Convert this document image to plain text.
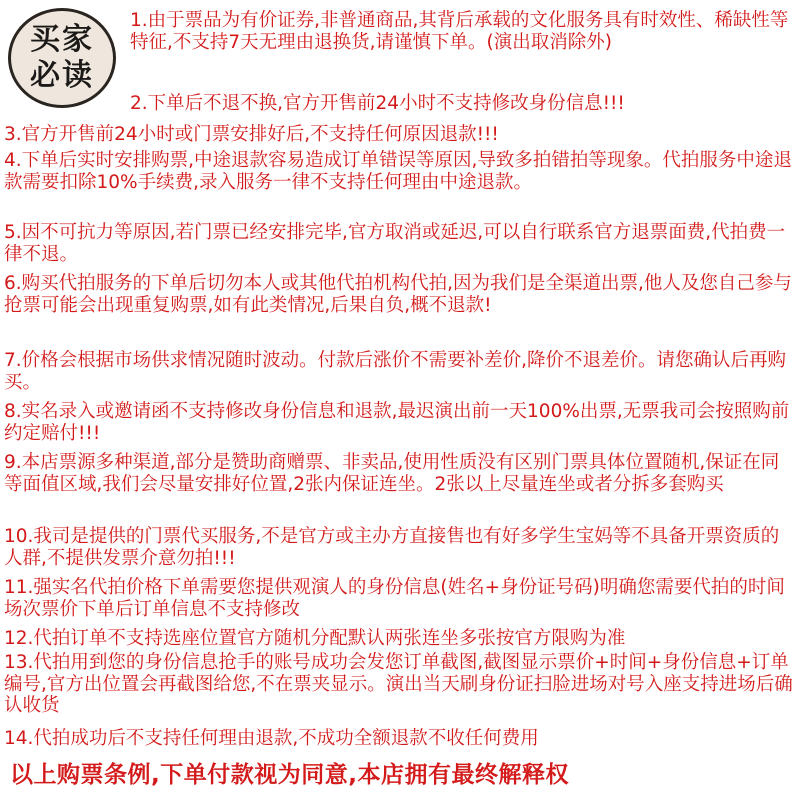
买家
必读

1.由于票品为有价证券,非普通商品,其背后承载的文化服务具有时效性、稀缺性等特征,不支持7天无理由退换货,请谨慎下单。(演出取消除外)

2.下单后不退不换,官方开售前24小时不支持修改身份信息!!!

3.官方开售前24小时或门票安排好后,不支持任何原因退款!!!

4.下单后实时安排购票,中途退款容易造成订单错误等原因,导致多拍错拍等现象。代拍服务中途退款需要扣除10%手续费,录入服务一律不支持任何理由中途退款。

5.因不可抗力等原因,若门票已经安排完毕,官方取消或延迟,可以自行联系官方退票面费,代拍费一律不退。

6.购买代拍服务的下单后切勿本人或其他代拍机构代拍,因为我们是全渠道出票,他人及您自己参与抢票可能会出现重复购票,如有此类情况,后果自负,概不退款!

7.价格会根据市场供求情况随时波动。付款后涨价不需要补差价,降价不退差价。请您确认后再购买。

8.实名录入或邀请函不支持修改身份信息和退款,最迟演出前一天100%出票,无票我司会按照购前约定赔付!!!

9.本店票源多种渠道,部分是赞助商赠票、非卖品,使用性质没有区别门票具体位置随机,保证在同等面值区域,我们会尽量安排好位置,2张内保证连坐。2张以上尽量连坐或者分拆多套购买

10.我司是提供的门票代买服务,不是官方或主办方直接售也有好多学生宝妈等不具备开票资质的人群,不提供发票介意勿拍!!!

11.强实名代拍价格下单需要您提供观演人的身份信息(姓名+身份证号码)明确您需要代拍的时间场次票价下单后订单信息不支持修改

12.代拍订单不支持选座位置官方随机分配默认两张连坐多张按官方限购为准

13.代拍用到您的身份信息抢手的账号成功会发您订单截图,截图显示票价+时间+身份信息+订单编号,官方出位置会再截图给您,不在票夹显示。演出当天刷身份证扫脸进场对号入座支持进场后确认收货

14.代拍成功后不支持任何理由退款,不成功全额退款不收任何费用

以上购票条例,下单付款视为同意,本店拥有最终解释权
